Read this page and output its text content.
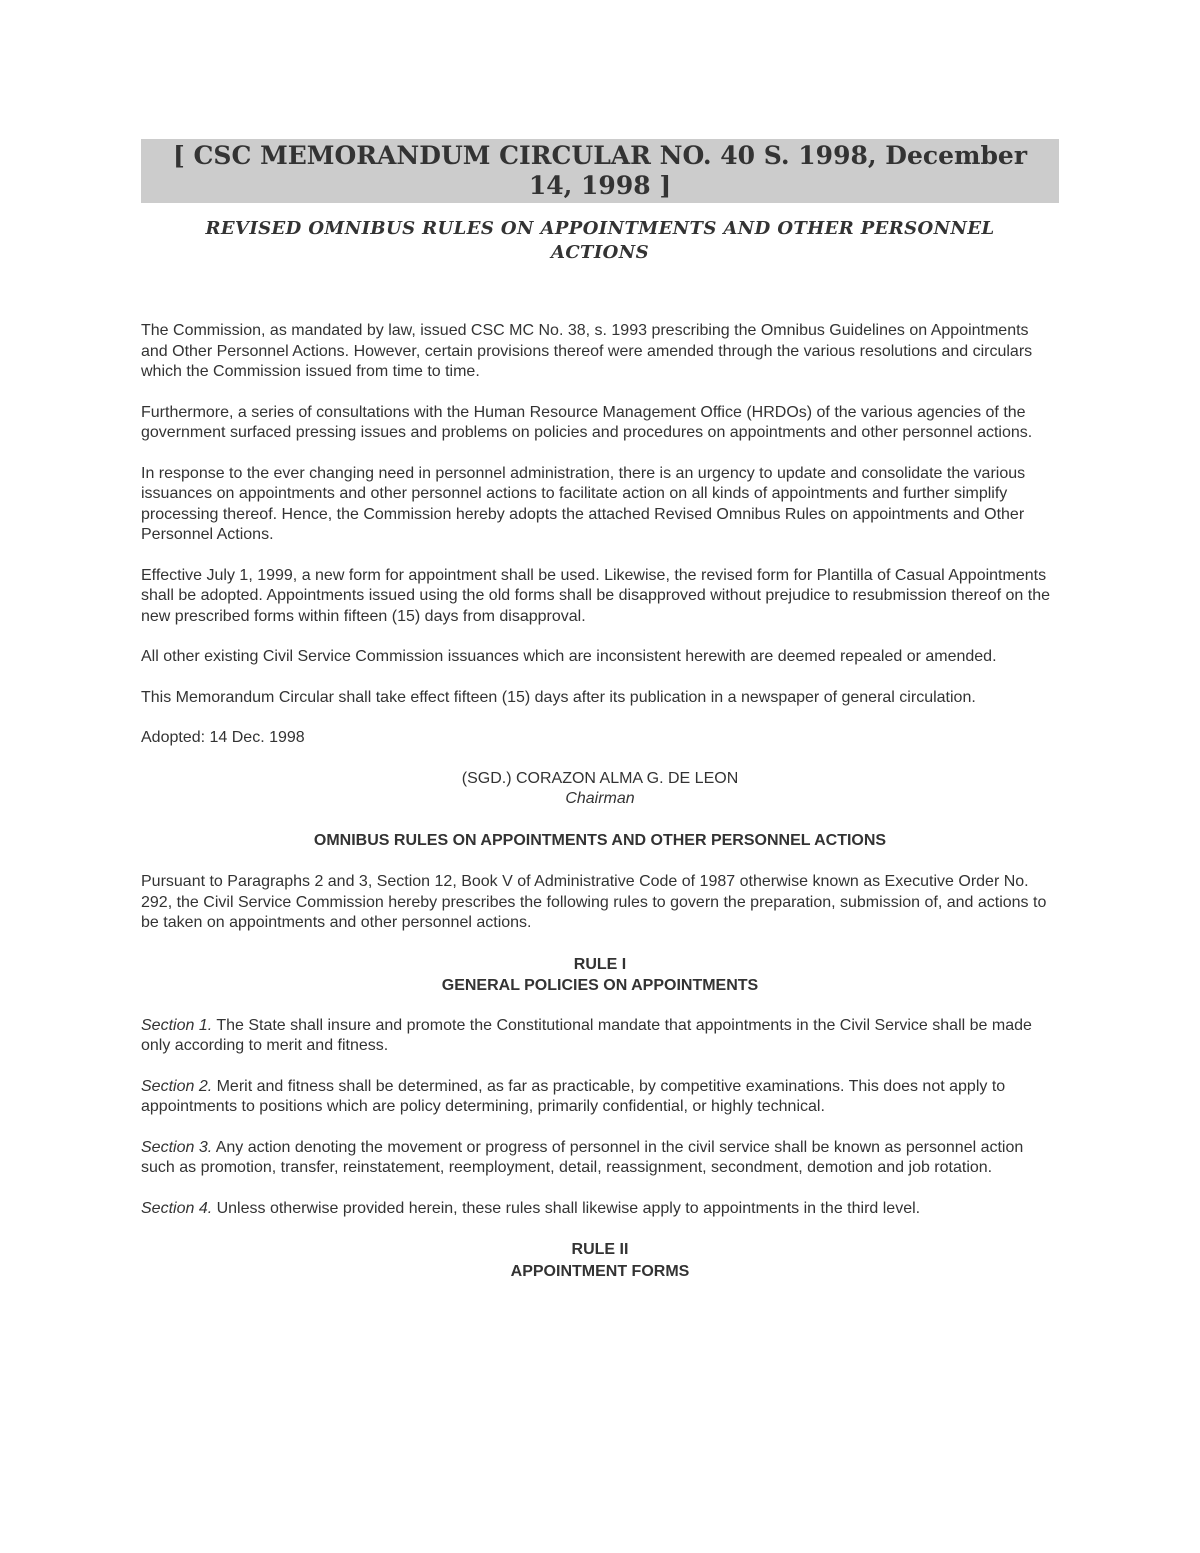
[ CSC MEMORANDUM CIRCULAR NO. 40 S. 1998, December 14, 1998 ]
REVISED OMNIBUS RULES ON APPOINTMENTS AND OTHER PERSONNEL ACTIONS

The Commission, as mandated by law, issued CSC MC No. 38, s. 1993 prescribing the Omnibus Guidelines on Appointments and Other Personnel Actions. However, certain provisions thereof were amended through the various resolutions and circulars which the Commission issued from time to time.

Furthermore, a series of consultations with the Human Resource Management Office (HRDOs) of the various agencies of the government surfaced pressing issues and problems on policies and procedures on appointments and other personnel actions.

In response to the ever changing need in personnel administration, there is an urgency to update and consolidate the various issuances on appointments and other personnel actions to facilitate action on all kinds of appointments and further simplify processing thereof. Hence, the Commission hereby adopts the attached Revised Omnibus Rules on appointments and Other Personnel Actions.

Effective July 1, 1999, a new form for appointment shall be used. Likewise, the revised form for Plantilla of Casual Appointments shall be adopted. Appointments issued using the old forms shall be disapproved without prejudice to resubmission thereof on the new prescribed forms within fifteen (15) days from disapproval.

All other existing Civil Service Commission issuances which are inconsistent herewith are deemed repealed or amended.

This Memorandum Circular shall take effect fifteen (15) days after its publication in a newspaper of general circulation.

Adopted: 14 Dec. 1998

(SGD.) CORAZON ALMA G. DE LEON
Chairman
OMNIBUS RULES ON APPOINTMENTS AND OTHER PERSONNEL ACTIONS

Pursuant to Paragraphs 2 and 3, Section 12, Book V of Administrative Code of 1987 otherwise known as Executive Order No. 292, the Civil Service Commission hereby prescribes the following rules to govern the preparation, submission of, and actions to be taken on appointments and other personnel actions.

RULE I
GENERAL POLICIES ON APPOINTMENTS

Section 1. The State shall insure and promote the Constitutional mandate that appointments in the Civil Service shall be made only according to merit and fitness.

Section 2. Merit and fitness shall be determined, as far as practicable, by competitive examinations. This does not apply to appointments to positions which are policy determining, primarily confidential, or highly technical.

Section 3. Any action denoting the movement or progress of personnel in the civil service shall be known as personnel action such as promotion, transfer, reinstatement, reemployment, detail, reassignment, secondment, demotion and job rotation.

Section 4. Unless otherwise provided herein, these rules shall likewise apply to appointments in the third level.

RULE II
APPOINTMENT FORMS
